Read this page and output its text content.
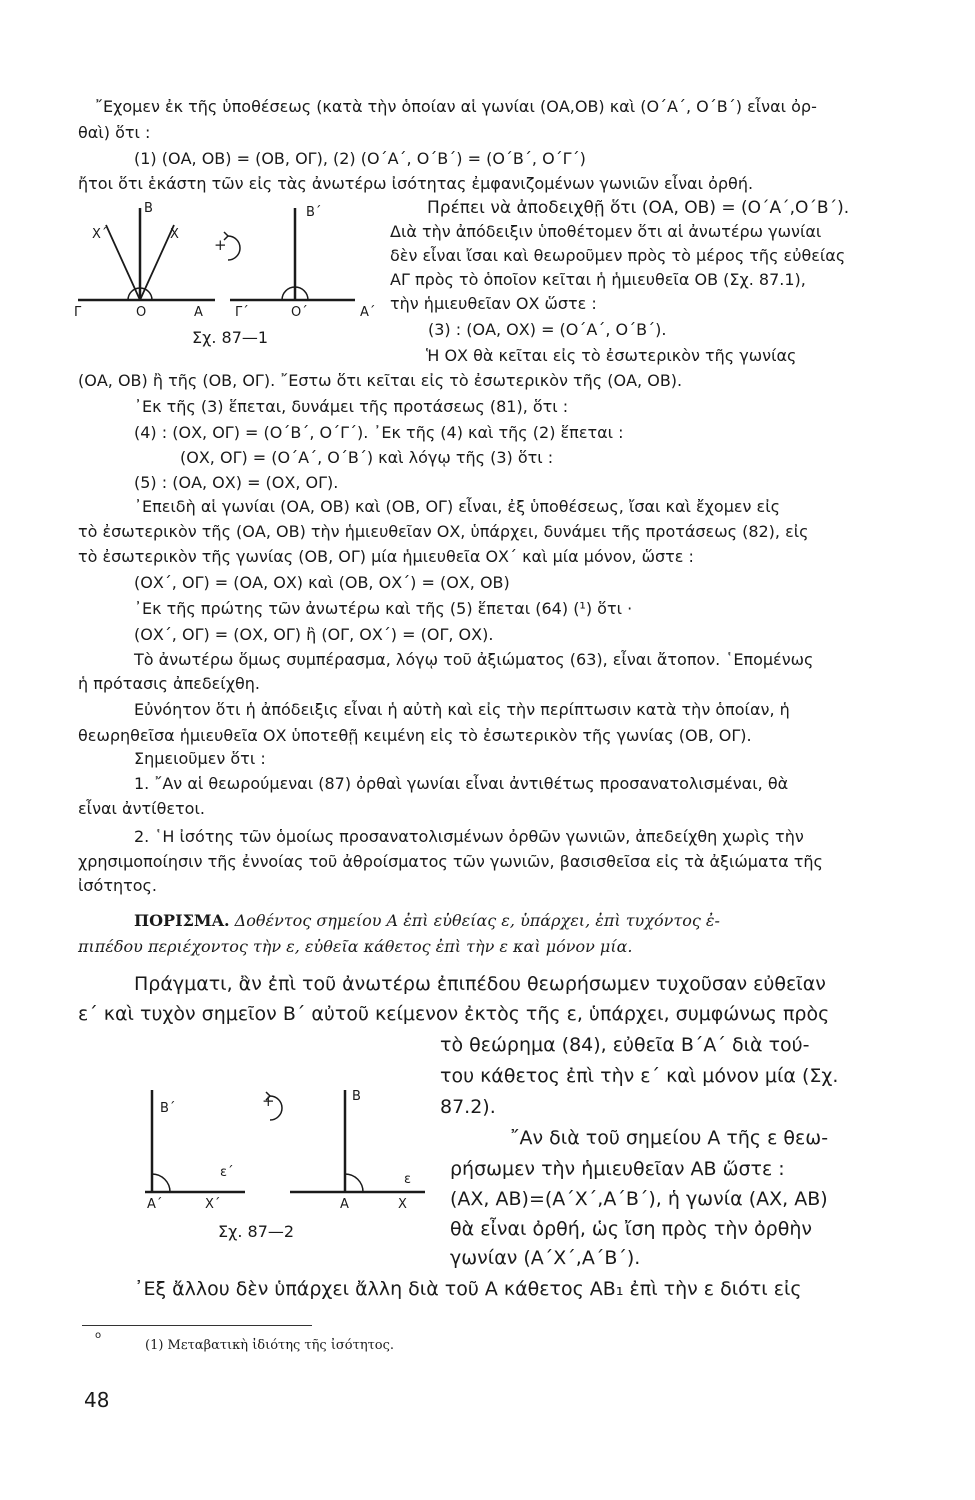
῎Εχομεν ἐκ τῆς ὑποθέσεως (κατὰ τὴν ὁποίαν αἱ γωνίαι (ΟΑ,ΟΒ) καὶ (Ο΄Α΄, Ο΄Β΄) εἶναι ὀρ-
θαὶ) ὅτι :
(1) (ΟΑ, ΟΒ) = (ΟΒ, ΟΓ), (2) (Ο΄Α΄, Ο΄Β΄) = (Ο΄Β΄, Ο΄Γ΄)
ἤτοι ὅτι ἑκάστη τῶν εἰς τὰς ἀνωτέρω ἰσότητας ἐμφανιζομένων γωνιῶν εἶναι ὀρθή.
Πρέπει νὰ ἀποδειχθῇ ὅτι (ΟΑ, ΟΒ) = (Ο΄Α΄,Ο΄Β΄).
Διὰ τὴν ἀπόδειξιν ὑποθέτομεν ὅτι αἱ ἀνωτέρω γωνίαι
δὲν εἶναι ἴσαι καὶ θεωροῦμεν πρὸς τὸ μέρος τῆς εὐθείας
ΑΓ πρὸς τὸ ὁποῖον κεῖται ἡ ἡμιευθεῖα ΟΒ (Σχ. 87.1),
τὴν ἡμιευθεῖαν ΟΧ ὥστε :
(3) : (ΟΑ, ΟΧ) = (Ο΄Α΄, Ο΄Β΄).
Ἡ ΟΧ θὰ κεῖται εἰς τὸ ἐσωτερικὸν τῆς γωνίας
(ΟΑ, ΟΒ) ἢ τῆς (ΟΒ, ΟΓ). ῎Εστω ὅτι κεῖται εἰς τὸ ἐσωτερικὸν τῆς (ΟΑ, ΟΒ).
᾿Εκ τῆς (3) ἕπεται, δυνάμει τῆς προτάσεως (81), ὅτι :
(4) : (ΟΧ, ΟΓ) = (Ο΄Β΄, Ο΄Γ΄). ᾿Εκ τῆς (4) καὶ τῆς (2) ἕπεται :
(ΟΧ, ΟΓ) = (Ο΄Α΄, Ο΄Β΄) καὶ λόγῳ τῆς (3) ὅτι :
(5) : (ΟΑ, ΟΧ) = (ΟΧ, ΟΓ).
᾿Επειδὴ αἱ γωνίαι (ΟΑ, ΟΒ) καὶ (ΟΒ, ΟΓ) εἶναι, ἐξ ὑποθέσεως, ἴσαι καὶ ἔχομεν εἰς
τὸ ἐσωτερικὸν τῆς (ΟΑ, ΟΒ) τὴν ἡμιευθεῖαν ΟΧ, ὑπάρχει, δυνάμει τῆς προτάσεως (82), εἰς
τὸ ἐσωτερικὸν τῆς γωνίας (ΟΒ, ΟΓ) μία ἡμιευθεῖα ΟΧ΄ καὶ μία μόνον, ὥστε :
(ΟΧ΄, ΟΓ) = (ΟΑ, ΟΧ) καὶ (ΟΒ, ΟΧ΄) = (ΟΧ, ΟΒ)
᾿Εκ τῆς πρώτης τῶν ἀνωτέρω καὶ τῆς (5) ἕπεται (64) (¹) ὅτι ·
(ΟΧ΄, ΟΓ) = (ΟΧ, ΟΓ) ἢ (ΟΓ, ΟΧ΄) = (ΟΓ, ΟΧ).
Τὸ ἀνωτέρω ὅμως συμπέρασμα, λόγῳ τοῦ ἀξιώματος (63), εἶναι ἄτοπον. ῾Επομένως
ἡ πρότασις ἀπεδείχθη.
Εὐνόητον ὅτι ἡ ἀπόδειξις εἶναι ἡ αὐτὴ καὶ εἰς τὴν περίπτωσιν κατὰ τὴν ὁποίαν, ἡ
θεωρηθεῖσα ἡμιευθεῖα ΟΧ ὑποτεθῇ κειμένη εἰς τὸ ἐσωτερικὸν τῆς γωνίας (ΟΒ, ΟΓ).
Σημειοῦμεν ὅτι :
1. ῎Αν αἱ θεωρούμεναι (87) ὀρθαὶ γωνίαι εἶναι ἀντιθέτως προσανατολισμέναι, θὰ
εἶναι ἀντίθετοι.
2. ῾Η ἰσότης τῶν ὁμοίως προσανατολισμένων ὀρθῶν γωνιῶν, ἀπεδείχθη χωρὶς τὴν
χρησιμοποίησιν τῆς ἐννοίας τοῦ ἀθροίσματος τῶν γωνιῶν, βασισθεῖσα εἰς τὰ ἀξιώματα τῆς
ἰσότητος.
ΠΟΡΙΣΜΑ. Δοθέντος σημείου Α ἐπὶ εὐθείας ε, ὑπάρχει, ἐπὶ τυχόντος ἐ-
πιπέδου περιέχοντος τὴν ε, εὐθεῖα κάθετος ἐπὶ τὴν ε καὶ μόνον μία.
Πράγματι, ἂν ἐπὶ τοῦ ἀνωτέρω ἐπιπέδου θεωρήσωμεν τυχοῦσαν εὐθεῖαν
ε΄ καὶ τυχὸν σημεῖον Β΄ αὐτοῦ κείμενον ἐκτὸς τῆς ε, ὑπάρχει, συμφώνως πρὸς
τὸ θεώρημα (84), εὐθεῖα Β΄Α΄ διὰ τού-
του κάθετος ἐπὶ τὴν ε΄ καὶ μόνον μία (Σχ.
87.2).
῎Αν διὰ τοῦ σημείου Α τῆς ε θεω-
ρήσωμεν τὴν ἡμιευθεῖαν ΑΒ ὥστε :
(ΑΧ, ΑΒ)=(Α΄Χ΄,Α΄Β΄), ἡ γωνία (ΑΧ, ΑΒ)
θὰ εἶναι ὀρθή, ὡς ἴση πρὸς τὴν ὀρθὴν
γωνίαν (Α΄Χ΄,Α΄Β΄).
᾿Εξ ἄλλου δὲν ὑπάρχει ἄλλη διὰ τοῦ Α κάθετος ΑΒ₁ ἐπὶ τὴν ε διότι εἰς
Β
Χ΄	Χ
+
Γ	Ο	Α
Β΄
Γ΄	Ο΄	Α΄
Σχ. 87—1
Β΄
ε΄
Α΄	Χ΄
+	Β
ε
Α	Χ
Σχ. 87—2
o
(1) Μεταβατικὴ ἰδιότης τῆς ἰσότητος.
48
